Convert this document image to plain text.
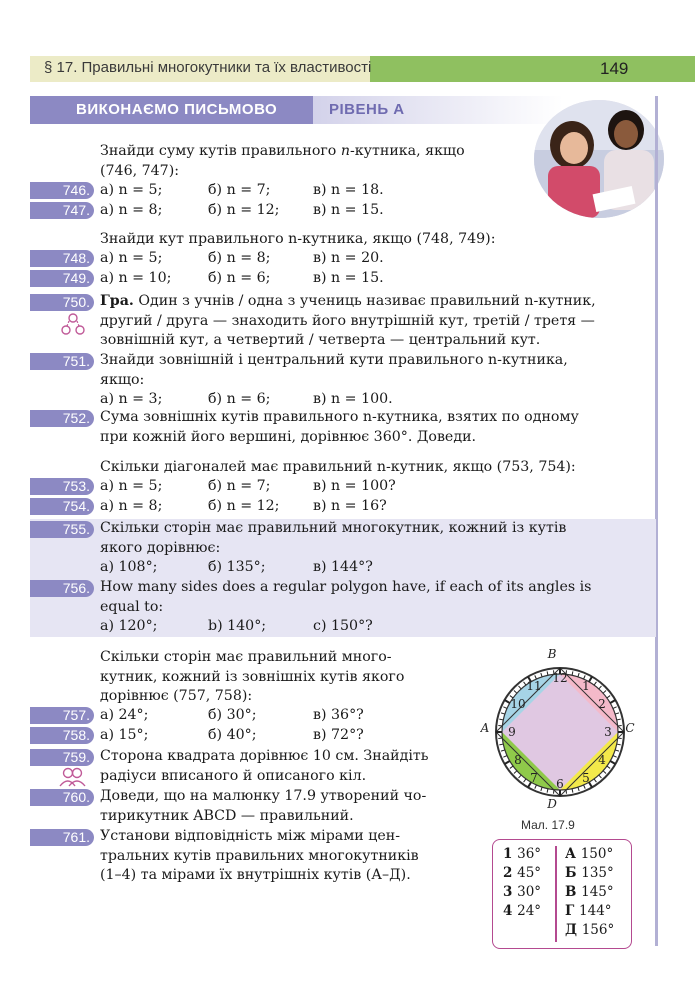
§ 17. Правильні многокутники та їх властивості	149
ВИКОНАЄМО ПИСЬМОВО	РІВЕНЬ А
Знайди суму кутів правильного n-кутника, якщо
(746, 747):
746. а) n = 5;	б) n = 7;	в) n = 18.
747. а) n = 8;	б) n = 12; в) n = 15.
Знайди кут правильного n-кутника, якщо (748, 749):
748. а) n = 5;	б) n = 8;	в) n = 20.
749. а) n = 10;	б) n = 6;	в) n = 15.
750. Гра. Один з учнів / одна з учениць називає правильний n-кутник,
другий / друга — знаходить його внутрішній кут, третій / третя —
зовнішній кут, а четвертий / четверта — центральний кут.
751. Знайди зовнішній і центральний кути правильного n-кутника,
якщо:
а) n = 3;	б) n = 6;	в) n = 100.
752. Сума зовнішніх кутів правильного n-кутника, взятих по одному
при кожній його вершині, дорівнює 360°. Доведи.
Скільки діагоналей має правильний n-кутник, якщо (753, 754):
753. а) n = 5;	б) n = 7;	в) n = 100?
754. а) n = 8;	б) n = 12; в) n = 16?
755. Скільки сторін має правильний многокутник, кожний із кутів
якого дорівнює:
а) 108°;	б) 135°;	в) 144°?
756. How many sides does a regular polygon have, if each of its angles is
equal to:
a) 120°;	b) 140°;	c) 150°?
Скільки сторін має правильний много-
кутник, кожний із зовнішніх кутів якого
дорівнює (757, 758):
757. а) 24°;	б) 30°;	в) 36°?
758. а) 15°;	б) 40°;	в) 72°?
759. Сторона квадрата дорівнює 10 см. Знайдіть
радіуси вписаного й описаного кіл.
760. Доведи, що на малюнку 17.9 утворений чо-
тирикутник ABCD — правильний.
761. Установи відповідність між мірами цен-
тральних кутів правильних многокутників
(1–4) та мірами їх внутрішніх кутів (А–Д).
12
1
2
3
4
5
6
7
8
9
10
11
B
C
D
A
Мал. 17.9
1 36°
2 45°
3 30°
4 24°
А 150°
Б 135°
В 145°
Г 144°
Д 156°
